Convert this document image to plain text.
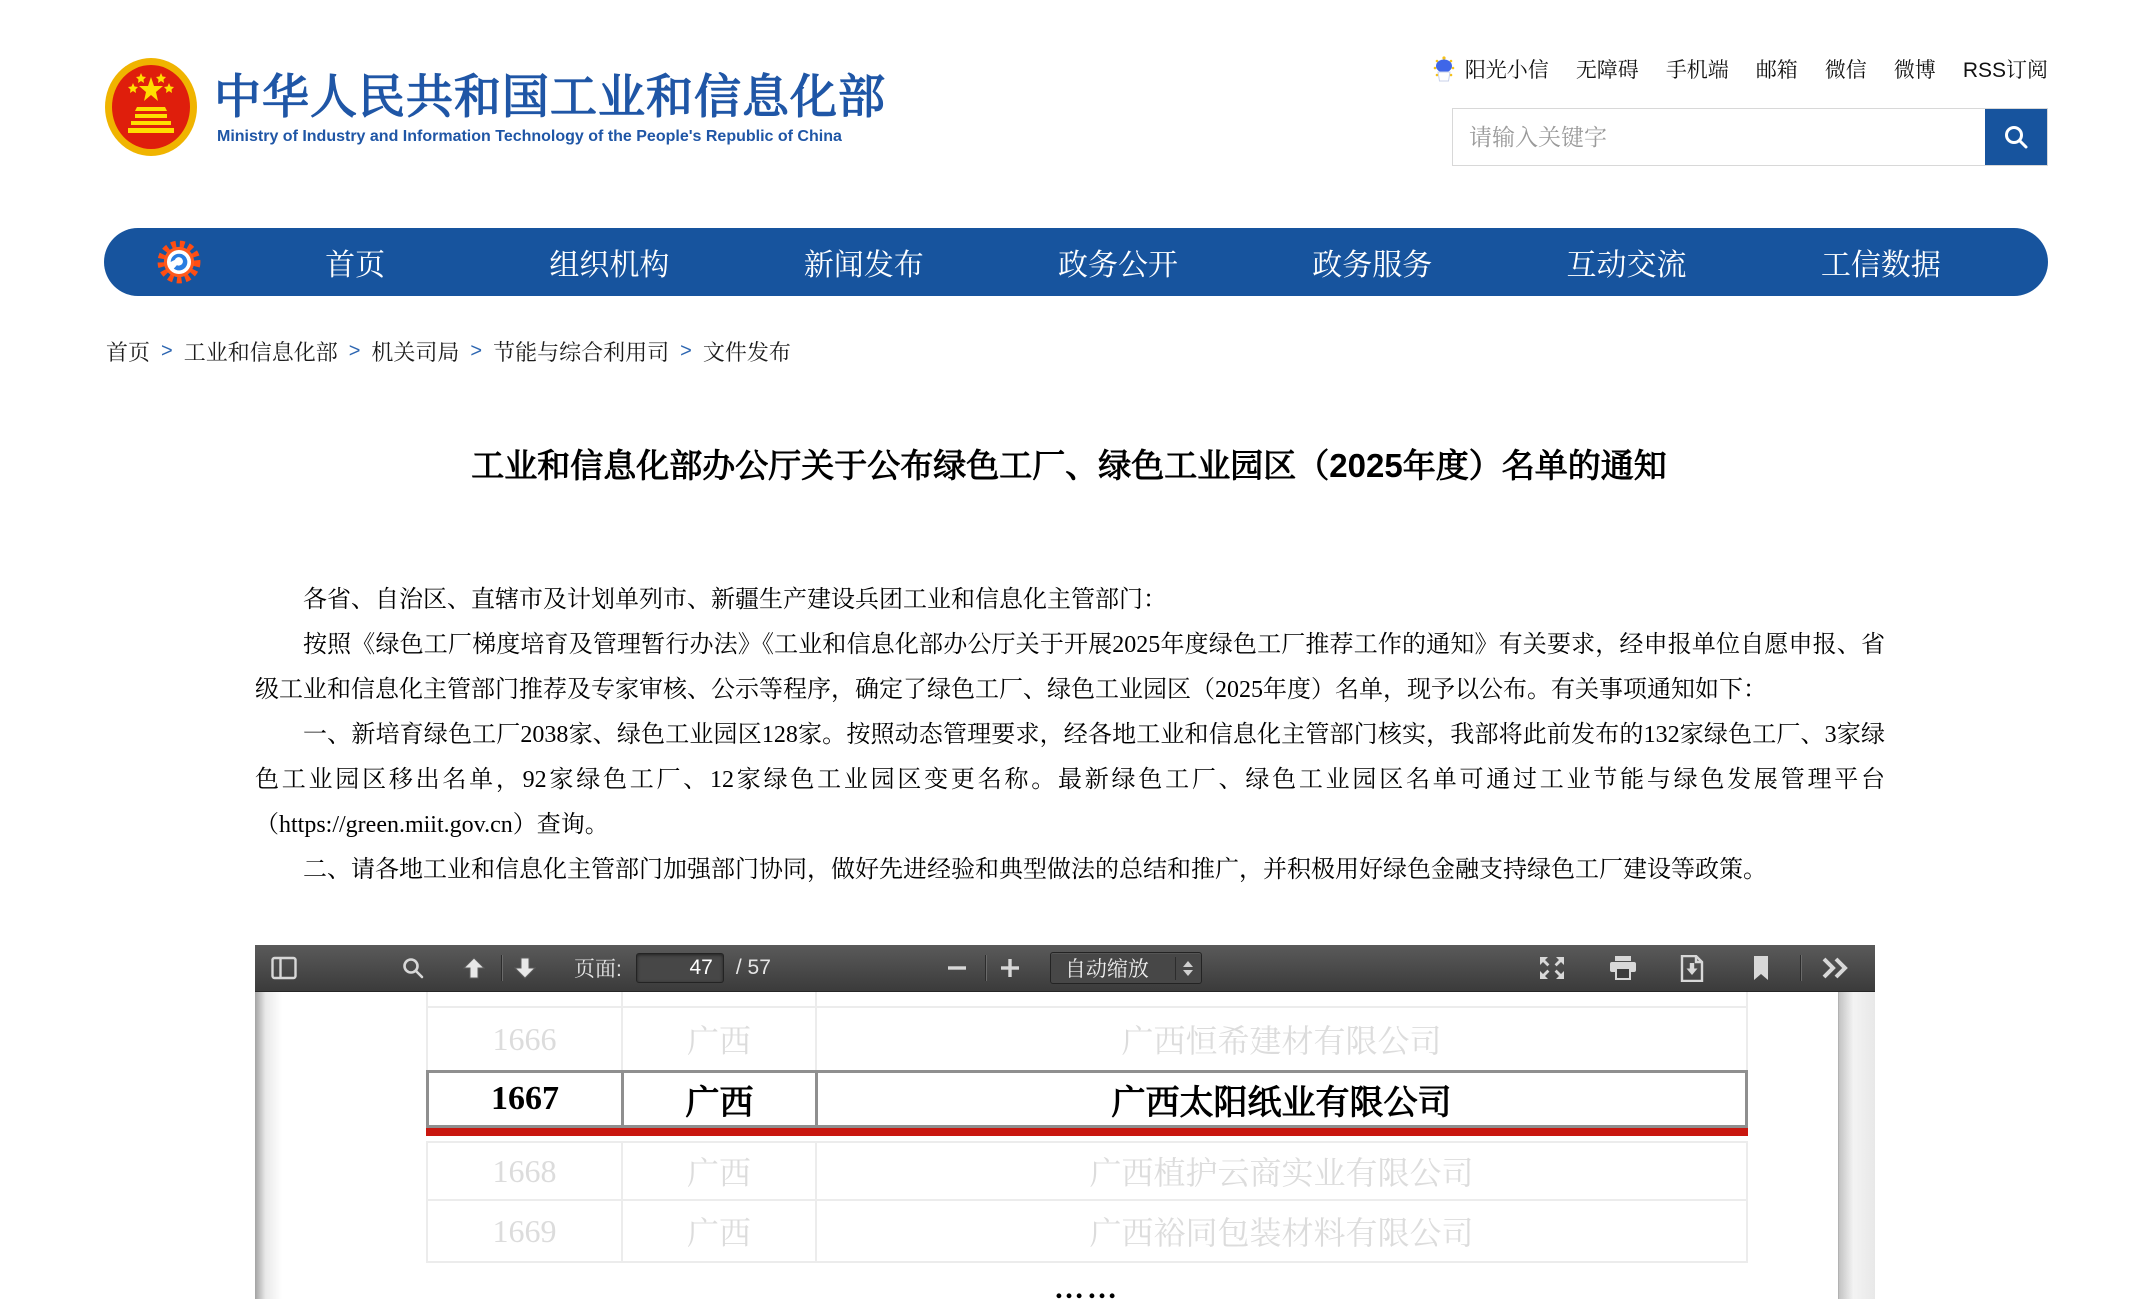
中华人民共和国工业和信息化部
Ministry of Industry and Information Technology of the People's Republic of China
阳光小信 无障碍 手机端 邮箱 微信 微博 RSS订阅
请输入关键字
首页	组织机构	新闻发布	政务公开	政务服务	互动交流	工信数据
首页 > 工业和信息化部 > 机关司局 > 节能与综合利用司 > 文件发布
工业和信息化部办公厅关于公布绿色工厂、绿色工业园区（2025年度）名单的通知

各省、自治区、直辖市及计划单列市、新疆生产建设兵团工业和信息化主管部门：

按照《绿色工厂梯度培育及管理暂行办法》《工业和信息化部办公厅关于开展2025年度绿色工厂推荐工作的通知》有关要求，经申报单位自愿申报、省级工业和信息化主管部门推荐及专家审核、公示等程序，确定了绿色工厂、绿色工业园区（2025年度）名单，现予以公布。有关事项通知如下：

一、新培育绿色工厂2038家、绿色工业园区128家。按照动态管理要求，经各地工业和信息化主管部门核实，我部将此前发布的132家绿色工厂、3家绿色工业园区移出名单，92家绿色工厂、12家绿色工业园区变更名称。最新绿色工厂、绿色工业园区名单可通过工业节能与绿色发展管理平台（https://green.miit.gov.cn）查询。

二、请各地工业和信息化主管部门加强部门协同，做好先进经验和典型做法的总结和推广，并积极用好绿色金融支持绿色工厂建设等政策。

页面:
47	/ 57	自动缩放
1666	广西	广西恒希建材有限公司
1667	广西	广西太阳纸业有限公司
1668	广西	广西植护云商实业有限公司
1669	广西	广西裕同包装材料有限公司
……
